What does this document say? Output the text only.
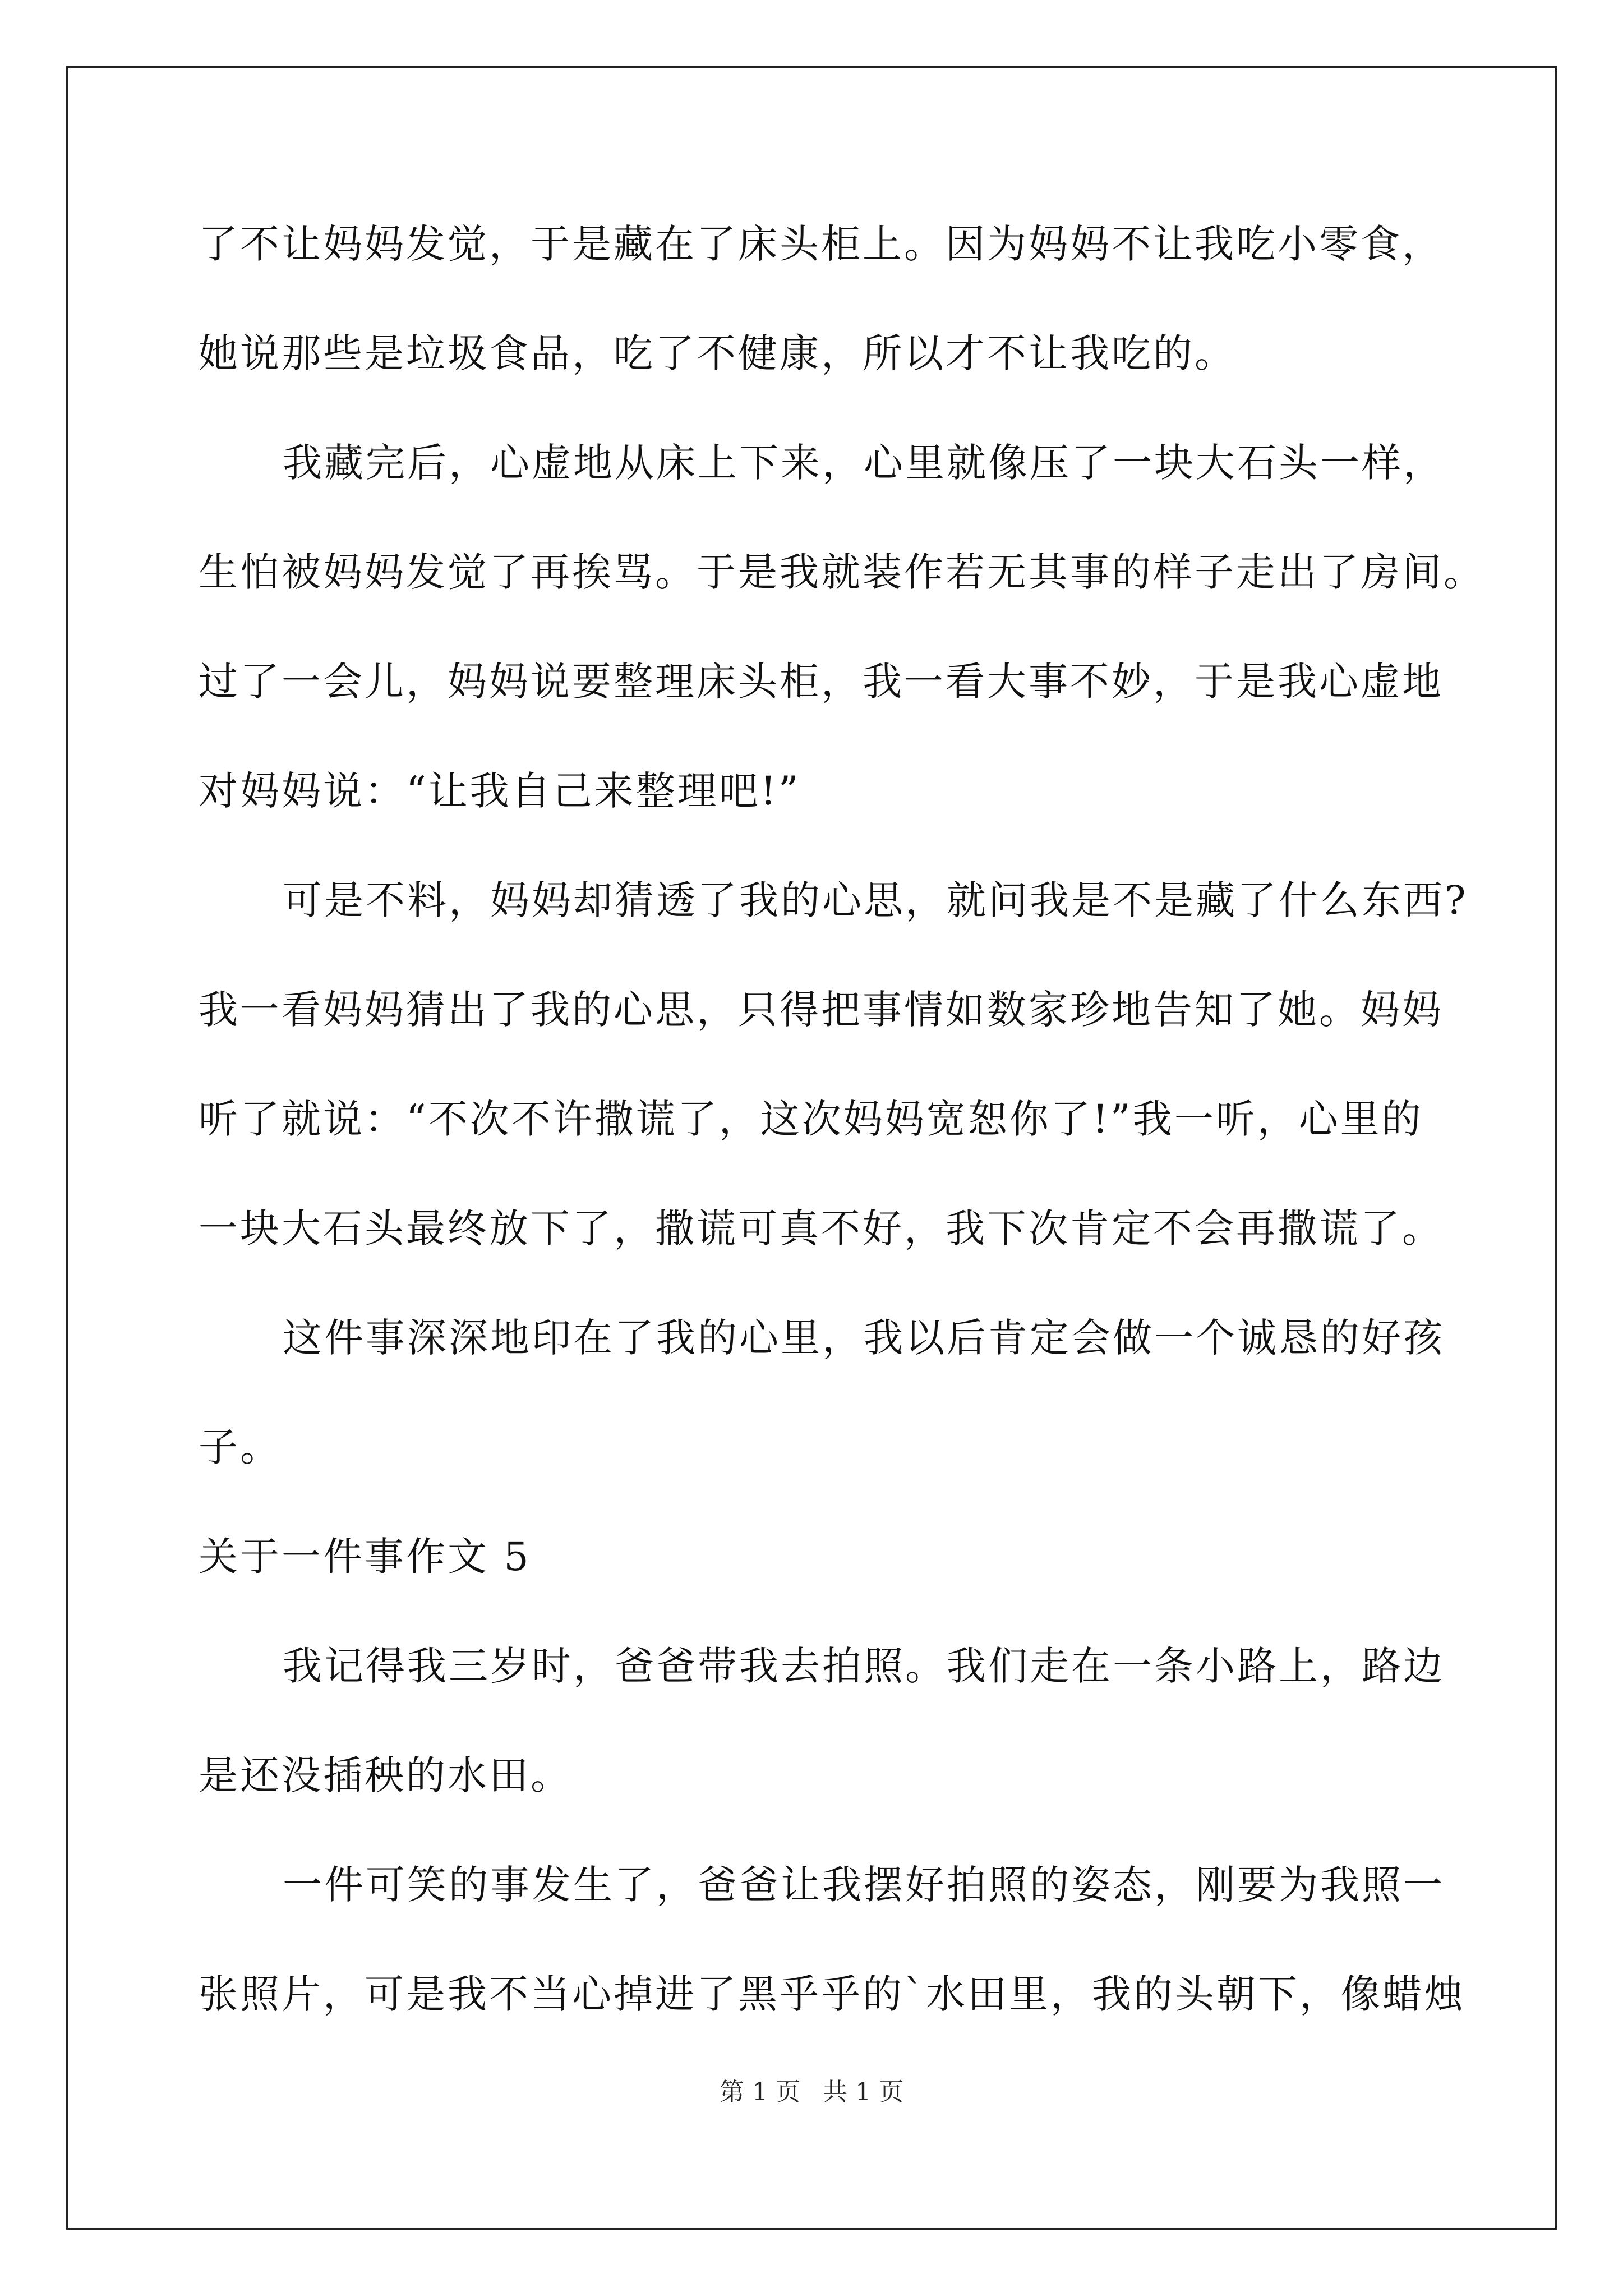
了不让妈妈发觉，于是藏在了床头柜上。因为妈妈不让我吃小零食，
她说那些是垃圾食品，吃了不健康，所以才不让我吃的。
我藏完后，心虚地从床上下来，心里就像压了一块大石头一样，
生怕被妈妈发觉了再挨骂。于是我就装作若无其事的样子走出了房间。
过了一会儿，妈妈说要整理床头柜，我一看大事不妙，于是我心虚地
对妈妈说：“让我自己来整理吧!”
可是不料，妈妈却猜透了我的心思，就问我是不是藏了什么东西?
我一看妈妈猜出了我的心思，只得把事情如数家珍地告知了她。妈妈
听了就说：“不次不许撒谎了，这次妈妈宽恕你了!”我一听，心里的
一块大石头最终放下了，撒谎可真不好，我下次肯定不会再撒谎了。
这件事深深地印在了我的心里，我以后肯定会做一个诚恳的好孩
子。
关于一件事作文 5
我记得我三岁时，爸爸带我去拍照。我们走在一条小路上，路边
是还没插秧的水田。
一件可笑的事发生了，爸爸让我摆好拍照的姿态，刚要为我照一
张照片，可是我不当心掉进了黑乎乎的`水田里，我的头朝下，像蜡烛
第 1 页 共 1 页
